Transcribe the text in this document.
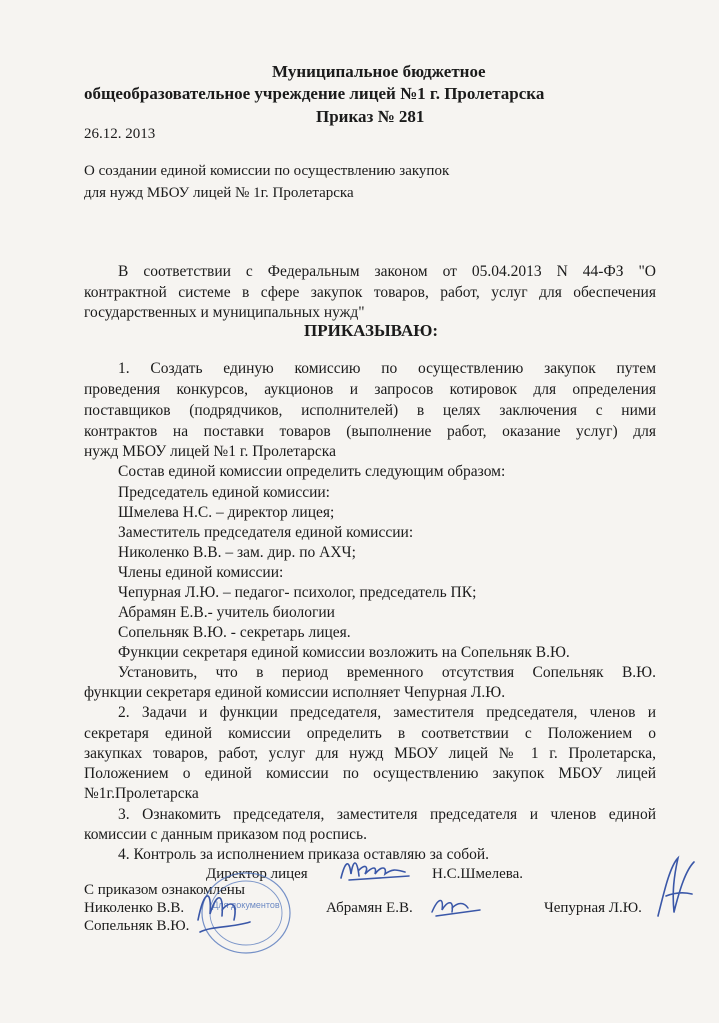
Муниципальное бюджетное
общеобразовательное учреждение лицей №1 г. Пролетарска
Приказ № 281
26.12. 2013
О создании единой комиссии по осуществлению закупок
для нужд МБОУ лицей № 1г. Пролетарска
В соответствии с Федеральным законом от 05.04.2013 N 44-ФЗ "О
контрактной системе в сфере закупок товаров, работ, услуг для обеспечения
государственных и муниципальных нужд"
ПРИКАЗЫВАЮ:
1. Создать единую комиссию по осуществлению закупок путем
проведения конкурсов, аукционов и запросов котировок для определения
поставщиков (подрядчиков, исполнителей) в целях заключения с ними
контрактов на поставки товаров (выполнение работ, оказание услуг) для
нужд МБОУ лицей №1 г. Пролетарска
Состав единой комиссии определить следующим образом:
Председатель единой комиссии:
Шмелева Н.С. – директор лицея;
Заместитель председателя единой комиссии:
Николенко В.В. – зам. дир. по АХЧ;
Члены единой комиссии:
Чепурная Л.Ю. – педагог- психолог, председатель ПК;
Абрамян Е.В.- учитель биологии
Сопельняк В.Ю. - секретарь лицея.
Функции секретаря единой комиссии возложить на Сопельняк В.Ю.
Установить, что в период временного отсутствия Сопельняк В.Ю.
функции секретаря единой комиссии исполняет Чепурная Л.Ю.
2. Задачи и функции председателя, заместителя председателя, членов и
секретаря единой комиссии определить в соответствии с Положением о
закупках товаров, работ, услуг для нужд МБОУ лицей № 1 г. Пролетарска,
Положением о единой комиссии по осуществлению закупок МБОУ лицей
№1г.Пролетарска
3. Ознакомить председателя, заместителя председателя и членов единой
комиссии с данным приказом под роспись.
4. Контроль за исполнением приказа оставляю за собой.
Директор лицея	Н.С.Шмелева.
С приказом ознакомлены
Николенко В.В.
Сопельняк В.Ю.
Абрамян Е.В.	Чепурная Л.Ю.
Для документов
